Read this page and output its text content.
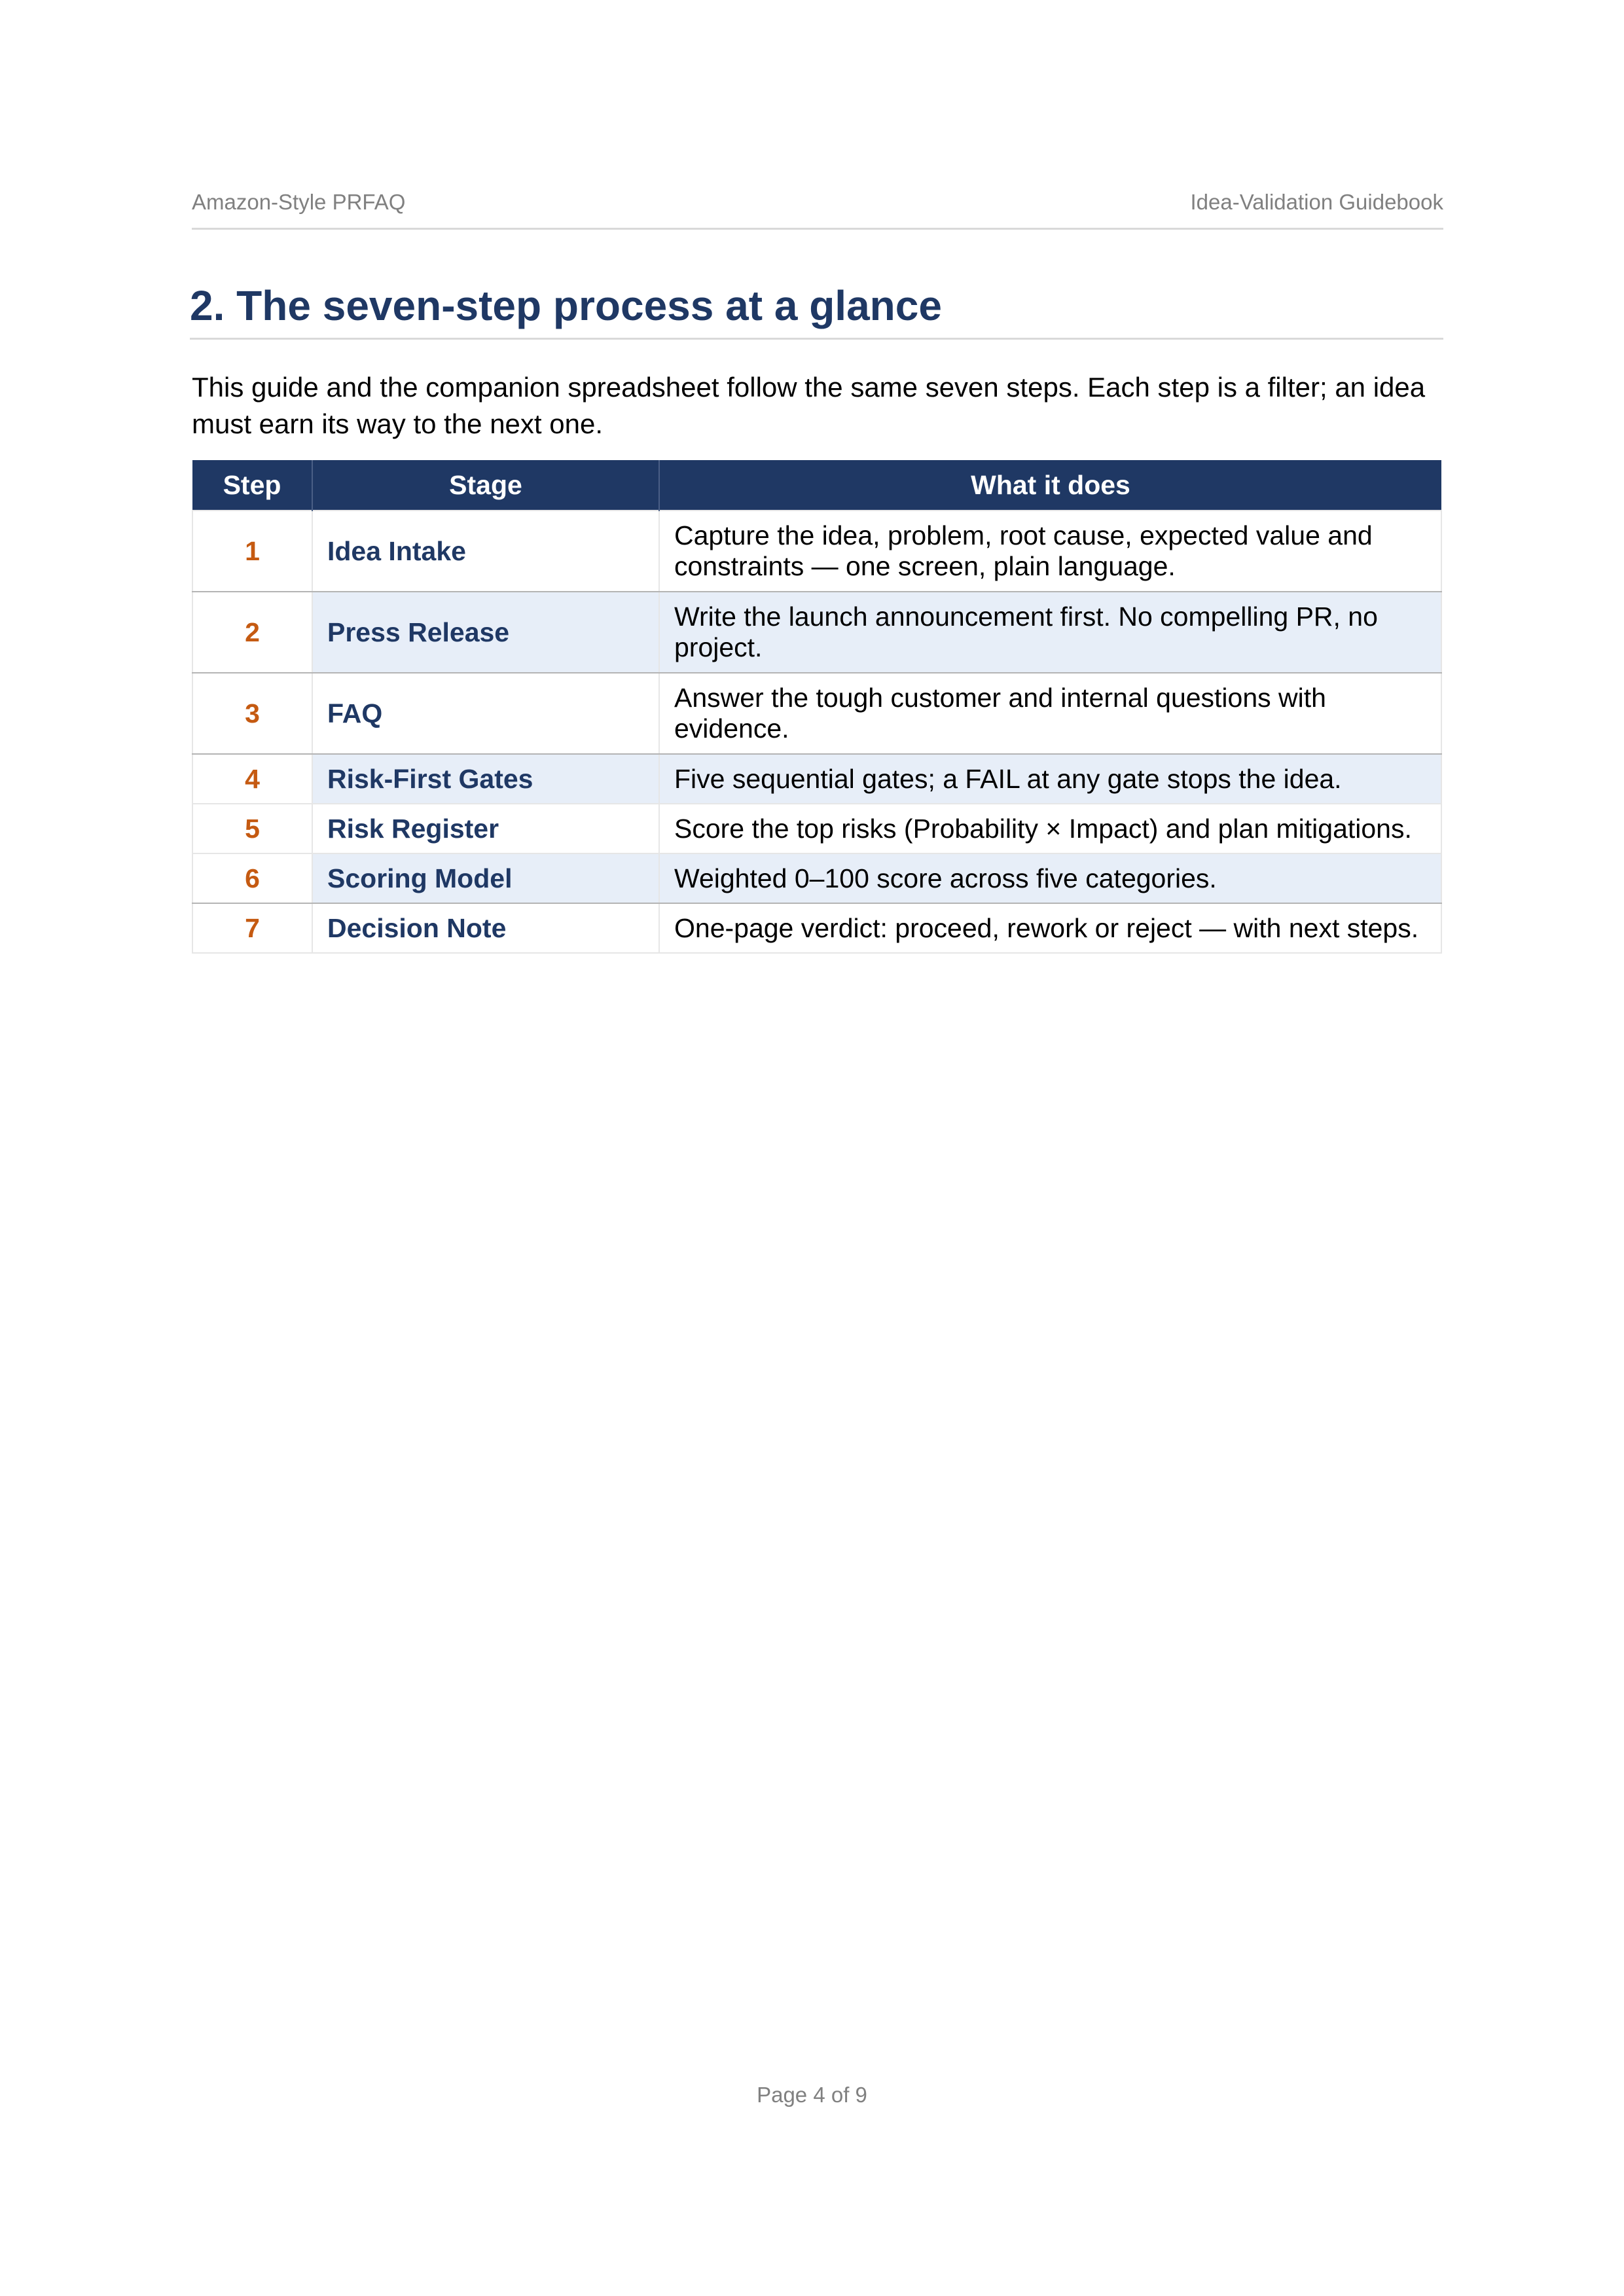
Amazon-Style PRFAQ	Idea-Validation Guidebook
2. The seven-step process at a glance
This guide and the companion spreadsheet follow the same seven steps. Each step is a filter; an idea must earn its way to the next one.
Step	Stage	What it does
1	Idea Intake	Capture the idea, problem, root cause, expected value and constraints — one screen, plain language.
2	Press Release	Write the launch announcement first. No compelling PR, no project.
3	FAQ	Answer the tough customer and internal questions with evidence.
4	Risk-First Gates	Five sequential gates; a FAIL at any gate stops the idea.
5	Risk Register	Score the top risks (Probability × Impact) and plan mitigations.
6	Scoring Model	Weighted 0–100 score across five categories.
7	Decision Note	One-page verdict: proceed, rework or reject — with next steps.
Page 4 of 9
